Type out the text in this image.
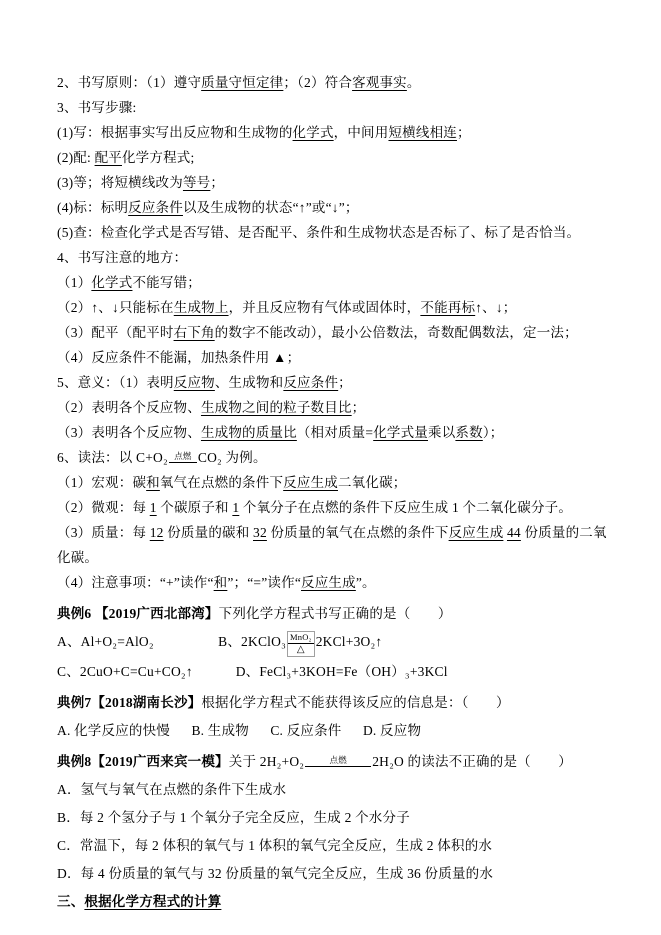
2、书写原则：（1）遵守质量守恒定律；（2）符合客观事实。
3、书写步骤:
(1)写：根据事实写出反应物和生成物的化学式，中间用短横线相连；
(2)配: 配平化学方程式;
(3)等；将短横线改为等号；
(4)标：标明反应条件以及生成物的状态“↑”或“↓”；
(5)查：检查化学式是否写错、是否配平、条件和生成物状态是否标了、标了是否恰当。
4、书写注意的地方：
（1）化学式不能写错；
（2）↑、↓只能标在生成物上，并且反应物有气体或固体时，不能再标↑、↓；
（3）配平（配平时右下角的数字不能改动），最小公倍数法，奇数配偶数法，定一法；
（4）反应条件不能漏，加热条件用 ▲；
5、意义：（1）表明反应物、生成物和反应条件；
（2）表明各个反应物、生成物之间的粒子数目比；
（3）表明各个反应物、生成物的质量比（相对质量=化学式量乘以系数）；
6、读法：以 C+O₂ 点燃 CO₂ 为例。
（1）宏观：碳和氧气在点燃的条件下反应生成二氧化碳；
（2）微观：每 1 个碳原子和 1 个氧分子在点燃的条件下反应生成 1 个二氧化碳分子。
（3）质量：每 12 份质量的碳和 32 份质量的氧气在点燃的条件下反应生成 44 份质量的二氧化碳。
（4）注意事项：“+”读作“和”；“=”读作“反应生成”。
典例6 【2019广西北部湾】下列化学方程式书写正确的是（　　）
A、Al+O₂=AlO₂	B、2KClO₃ MnO₂
△
2KCl+3O₂↑
C、2CuO+C=Cu+CO₂↑	D、FeCl₃+3KOH=Fe（OH）₃+3KCl
典例7【2018湖南长沙】根据化学方程式不能获得该反应的信息是：（　　）
A. 化学反应的快慢      B. 生成物      C. 反应条件      D. 反应物
典例8【2019广西来宾一模】关于 2H₂+O₂	点燃	2H₂O 的读法不正确的是（　　）
A．氢气与氧气在点燃的条件下生成水
B．每 2 个氢分子与 1 个氧分子完全反应，生成 2 个水分子
C．常温下，每 2 体积的氧气与 1 体积的氧气完全反应，生成 2 体积的水
D．每 4 份质量的氧气与 32 份质量的氧气完全反应，生成 36 份质量的水
三、根据化学方程式的计算
